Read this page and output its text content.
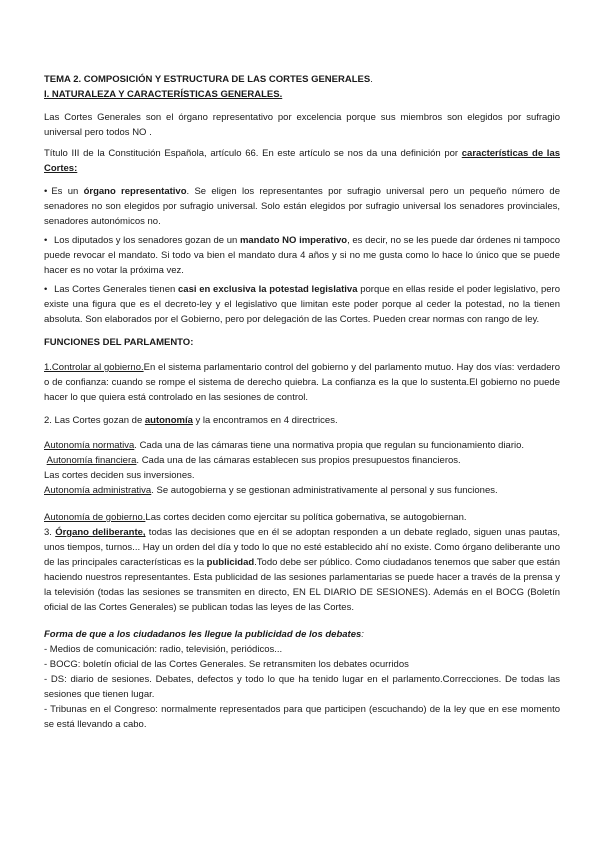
TEMA 2. COMPOSICIÓN Y ESTRUCTURA DE LAS CORTES GENERALES.

I. NATURALEZA Y CARACTERÍSTICAS GENERALES.

Las Cortes Generales son el órgano representativo por excelencia porque sus miembros son elegidos por sufragio universal pero todos NO .

Título III de la Constitución Española, artículo 66. En este artículo se nos da una definición por características de las Cortes:

• Es un órgano representativo. Se eligen los representantes por sufragio universal pero un pequeño número de senadores no son elegidos por sufragio universal. Solo están elegidos por sufragio universal los senadores provinciales, senadores autonómicos no.

• Los diputados y los senadores gozan de un mandato NO imperativo, es decir, no se les puede dar órdenes ni tampoco puede revocar el mandato. Si todo va bien el mandato dura 4 años y si no me gusta como lo hace lo único que se puede hacer es no votar la próxima vez.

• Las Cortes Generales tienen casi en exclusiva la potestad legislativa porque en ellas reside el poder legislativo, pero existe una figura que es el decreto-ley y el legislativo que limitan este poder porque al ceder la potestad, no la tienen absoluta. Son elaborados por el Gobierno, pero por delegación de las Cortes. Pueden crear normas con rango de ley.

FUNCIONES DEL PARLAMENTO:

1.Controlar al gobierno.En el sistema parlamentario control del gobierno y del parlamento mutuo. Hay dos vías: verdadero o de confianza: cuando se rompe el sistema de derecho quiebra. La confianza es la que lo sustenta.El gobierno no puede hacer lo que quiera está controlado en las sesiones de control.

2. Las Cortes gozan de autonomía y la encontramos en 4 directrices.

Autonomía normativa. Cada una de las cámaras tiene una normativa propia que regulan su funcionamiento diario.

Autonomía financiera. Cada una de las cámaras establecen sus propios presupuestos financieros.

Las cortes deciden sus inversiones.

Autonomía administrativa. Se autogobierna y se gestionan administrativamente al personal y sus funciones.

Autonomía de gobierno.Las cortes deciden como ejercitar su política gobernativa, se autogobiernan.

3. Órgano deliberante, todas las decisiones que en él se adoptan responden a un debate reglado, siguen unas pautas, unos tiempos, turnos... Hay un orden del día y todo lo que no esté establecido ahí no existe. Como órgano deliberante uno de las principales características es la publicidad.Todo debe ser público. Como ciudadanos tenemos que saber que están haciendo nuestros representantes. Esta publicidad de las sesiones parlamentarias se puede hacer a través de la prensa y la televisión (todas las sesiones se transmiten en directo, EN EL DIARIO DE SESIONES). Además en el BOCG (Boletín oficial de las Cortes Generales) se publican todas las leyes de las Cortes.

Forma de que a los ciudadanos les llegue la publicidad de los debates:

- Medios de comunicación: radio, televisión, periódicos...

- BOCG: boletín oficial de las Cortes Generales. Se retransmiten los debates ocurridos

- DS: diario de sesiones. Debates, defectos y todo lo que ha tenido lugar en el parlamento.Correcciones. De todas las sesiones que tienen lugar.

- Tribunas en el Congreso: normalmente representados para que participen (escuchando) de la ley que en ese momento se está llevando a cabo.
